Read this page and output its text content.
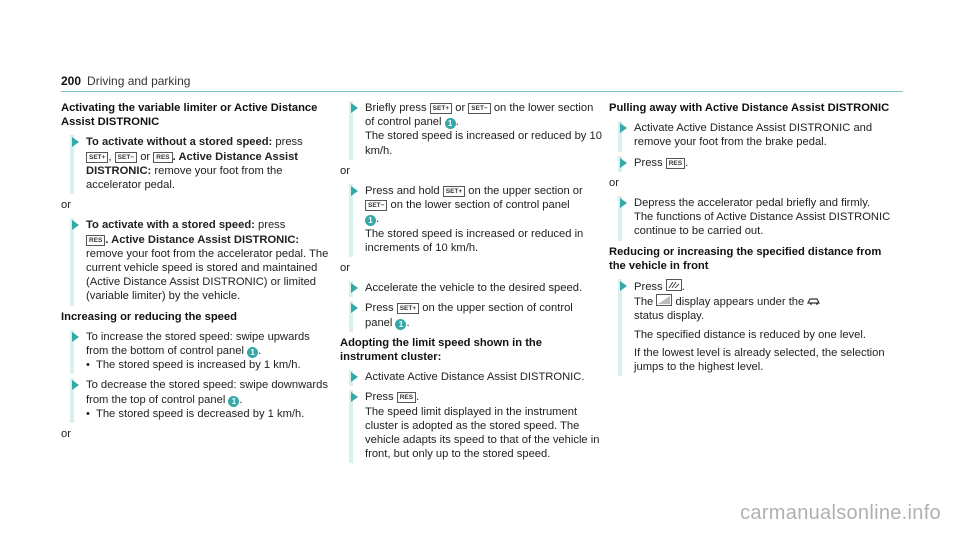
200 Driving and parking
Activating the variable limiter or Active Distance Assist DISTRONIC
To activate without a stored speed: press
SET+ , SET− or RES . Active Distance Assist DISTRONIC: remove your foot from the accelerator pedal.
or
To activate with a stored speed: press
RES . Active Distance Assist DISTRONIC: remove your foot from the accelerator pedal. The current vehicle speed is stored and maintained (Active Distance Assist DISTRONIC) or limited (variable limiter) by the vehicle.
Increasing or reducing the speed
To increase the stored speed: swipe upwards from the bottom of control panel 1 .
• The stored speed is increased by 1 km/h.
To decrease the stored speed: swipe downwards from the top of control panel 1 .
• The stored speed is decreased by 1 km/h.
or
Briefly press SET+ or SET− on the lower section of control panel 1 .
The stored speed is increased or reduced by 10 km/h.
or
Press and hold SET+ on the upper section or
SET− on the lower section of control panel
1 .
The stored speed is increased or reduced in increments of 10 km/h.
or
Accelerate the vehicle to the desired speed.
Press SET+ on the upper section of control panel 1 .
Adopting the limit speed shown in the instrument cluster:
Activate Active Distance Assist DISTRONIC.
Press RES .
The speed limit displayed in the instrument cluster is adopted as the stored speed. The vehicle adapts its speed to that of the vehicle in front, but only up to the stored speed.
Pulling away with Active Distance Assist DISTRONIC
Activate Active Distance Assist DISTRONIC and remove your foot from the brake pedal.
Press RES .
or
Depress the accelerator pedal briefly and firmly.
The functions of Active Distance Assist DISTRONIC continue to be carried out.
Reducing or increasing the specified distance from the vehicle in front
Press .
The display appears under the

status display.
The specified distance is reduced by one level.
If the lowest level is already selected, the selection jumps to the highest level.
carmanualsonline.info
